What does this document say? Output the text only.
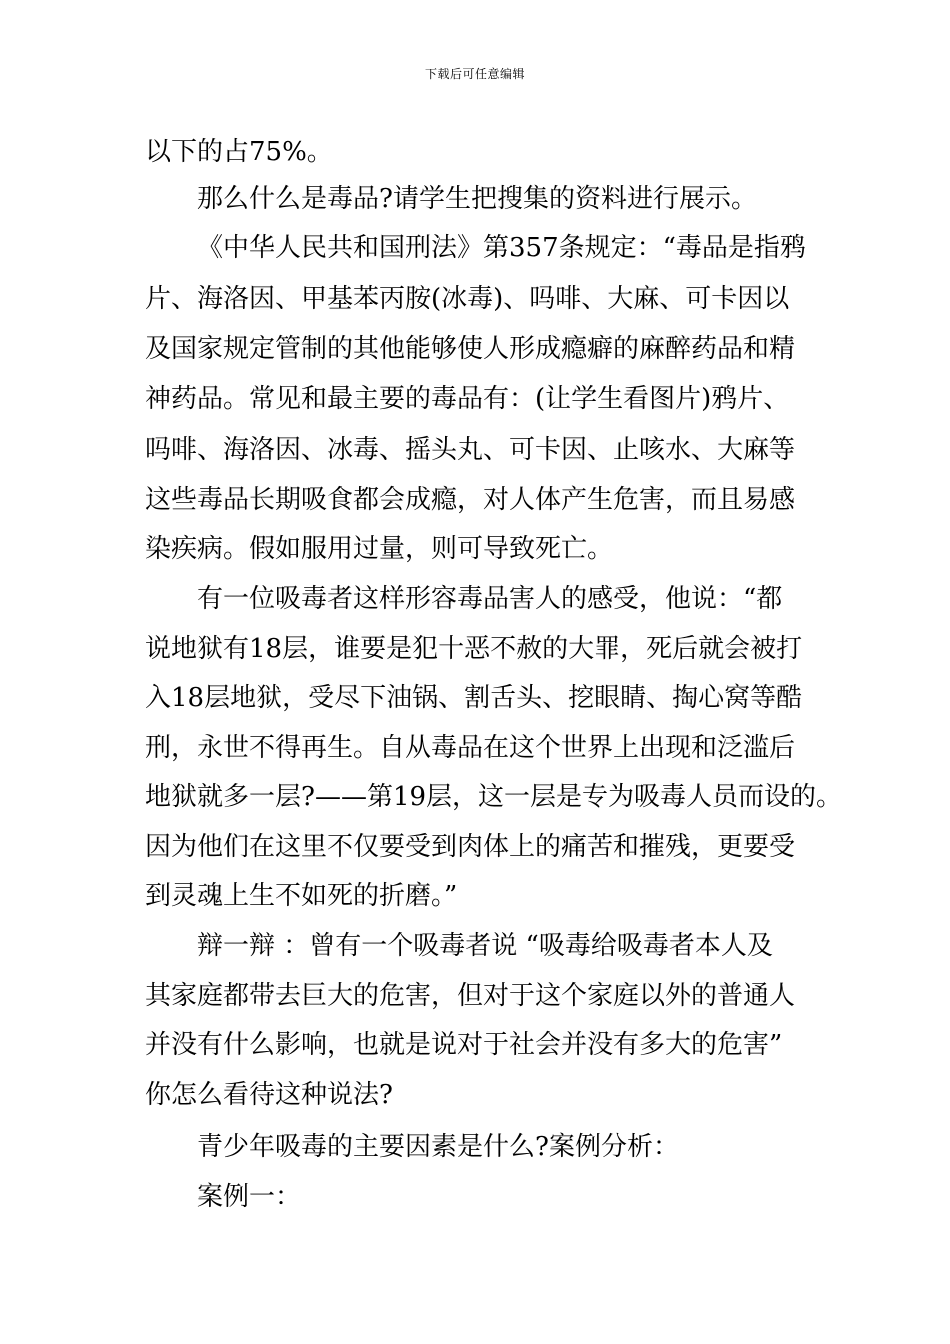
下载后可任意编辑
以下的占75%。
那么什么是毒品?请学生把搜集的资料进行展示。
《中华人民共和国刑法》第357条规定：“毒品是指鸦
片、海洛因、甲基苯丙胺(冰毒)、吗啡、大麻、可卡因以
及国家规定管制的其他能够使人形成瘾癖的麻醉药品和精
神药品。常见和最主要的毒品有：(让学生看图片)鸦片、
吗啡、海洛因、冰毒、摇头丸、可卡因、止咳水、大麻等
这些毒品长期吸食都会成瘾，对人体产生危害，而且易感
染疾病。假如服用过量，则可导致死亡。
有一位吸毒者这样形容毒品害人的感受，他说：“都
说地狱有18层，谁要是犯十恶不赦的大罪，死后就会被打
入18层地狱，受尽下油锅、割舌头、挖眼睛、掏心窝等酷
刑，永世不得再生。自从毒品在这个世界上出现和泛滥后
地狱就多一层?——第19层，这一层是专为吸毒人员而设的。
因为他们在这里不仅要受到肉体上的痛苦和摧残，更要受
到灵魂上生不如死的折磨。”
辩一辩 ：曾有一个吸毒者说 “吸毒给吸毒者本人及
其家庭都带去巨大的危害，但对于这个家庭以外的普通人
并没有什么影响，也就是说对于社会并没有多大的危害”
你怎么看待这种说法?
青少年吸毒的主要因素是什么?案例分析：
案例一：
